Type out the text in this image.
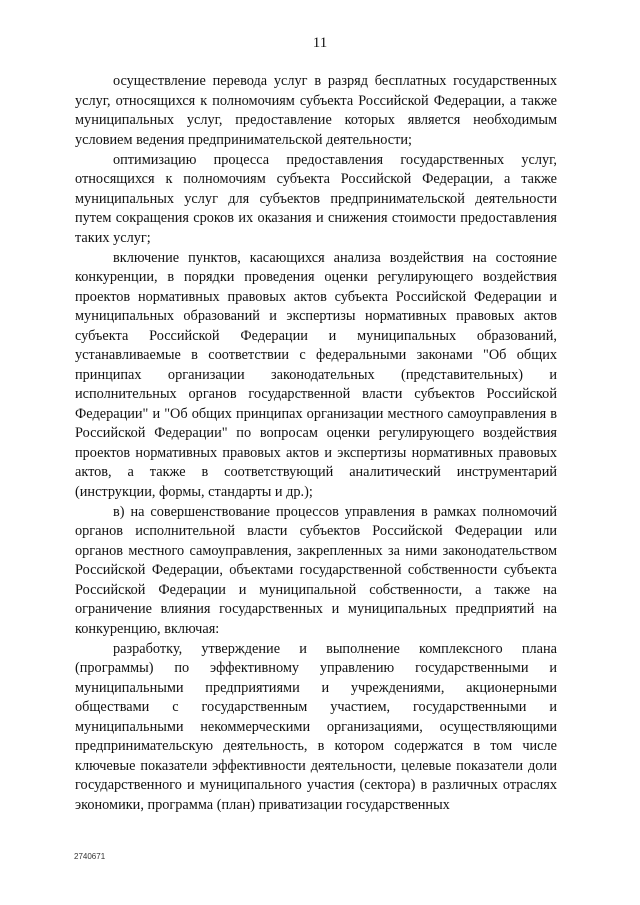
11

осуществление перевода услуг в разряд бесплатных государственных услуг, относящихся к полномочиям субъекта Российской Федерации, а также муниципальных услуг, предоставление которых является необходимым условием ведения предпринимательской деятельности;

оптимизацию процесса предоставления государственных услуг, относящихся к полномочиям субъекта Российской Федерации, а также муниципальных услуг для субъектов предпринимательской деятельности путем сокращения сроков их оказания и снижения стоимости предоставления таких услуг;

включение пунктов, касающихся анализа воздействия на состояние конкуренции, в порядки проведения оценки регулирующего воздействия проектов нормативных правовых актов субъекта Российской Федерации и муниципальных образований и экспертизы нормативных правовых актов субъекта Российской Федерации и муниципальных образований, устанавливаемые в соответствии с федеральными законами "Об общих принципах организации законодательных (представительных) и исполнительных органов государственной власти субъектов Российской Федерации" и "Об общих принципах организации местного самоуправления в Российской Федерации" по вопросам оценки регулирующего воздействия проектов нормативных правовых актов и экспертизы нормативных правовых актов, а также в соответствующий аналитический инструментарий (инструкции, формы, стандарты и др.);

в) на совершенствование процессов управления в рамках полномочий органов исполнительной власти субъектов Российской Федерации или органов местного самоуправления, закрепленных за ними законодательством Российской Федерации, объектами государственной собственности субъекта Российской Федерации и муниципальной собственности, а также на ограничение влияния государственных и муниципальных предприятий на конкуренцию, включая:

разработку, утверждение и выполнение комплексного плана (программы) по эффективному управлению государственными и муниципальными предприятиями и учреждениями, акционерными обществами с государственным участием, государственными и муниципальными некоммерческими организациями, осуществляющими предпринимательскую деятельность, в котором содержатся в том числе ключевые показатели эффективности деятельности, целевые показатели доли государственного и муниципального участия (сектора) в различных отраслях экономики, программа (план) приватизации государственных

2740671
